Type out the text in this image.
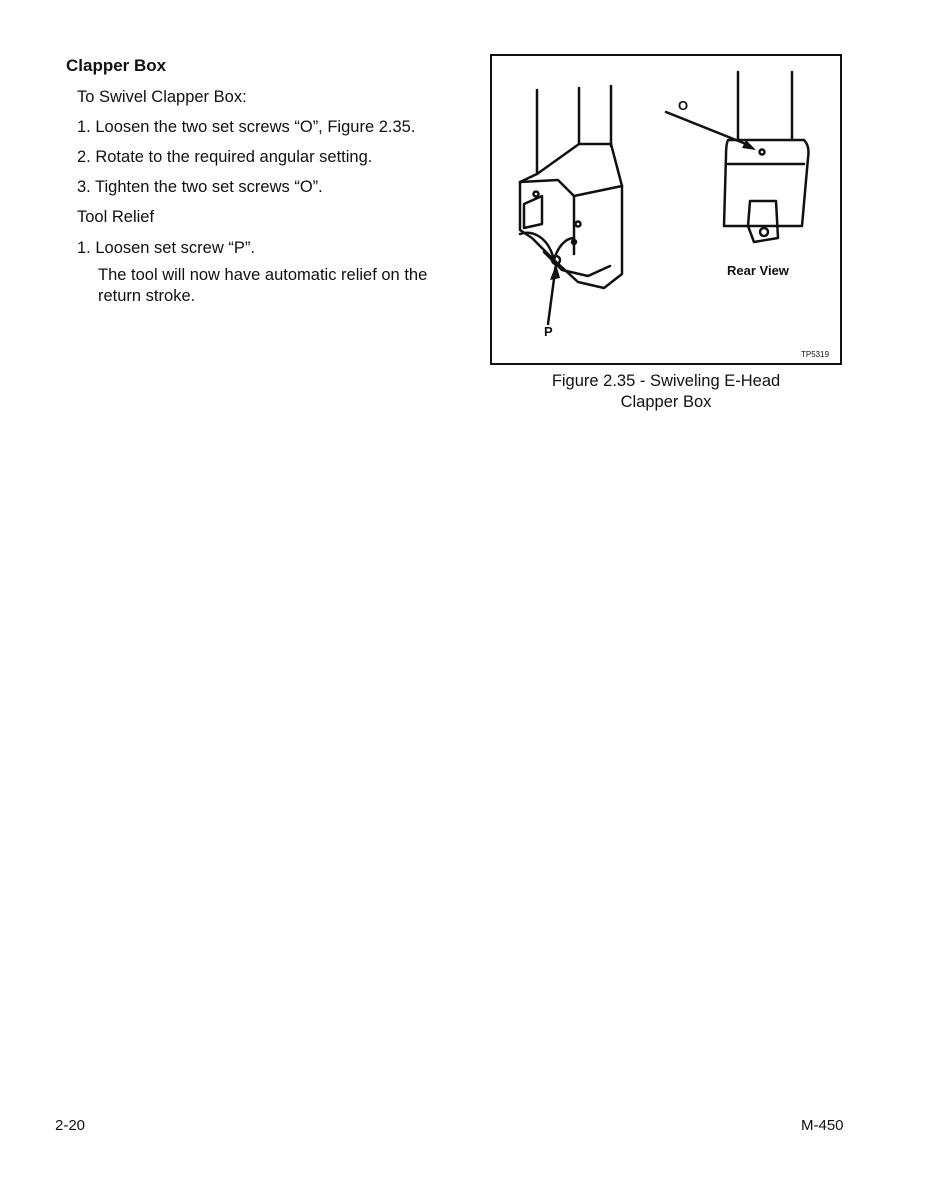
Clapper Box
To Swivel Clapper Box:
1. Loosen the two set screws “O”, Figure 2.35.
2. Rotate to the required angular setting.
3. Tighten the two set screws “O”.
Tool Relief
1. Loosen set screw “P”.
The tool will now have automatic relief on the
return stroke.
O
P
Rear View
TP5319
Figure 2.35 - Swiveling E-Head
Clapper Box
2-20	M-450
